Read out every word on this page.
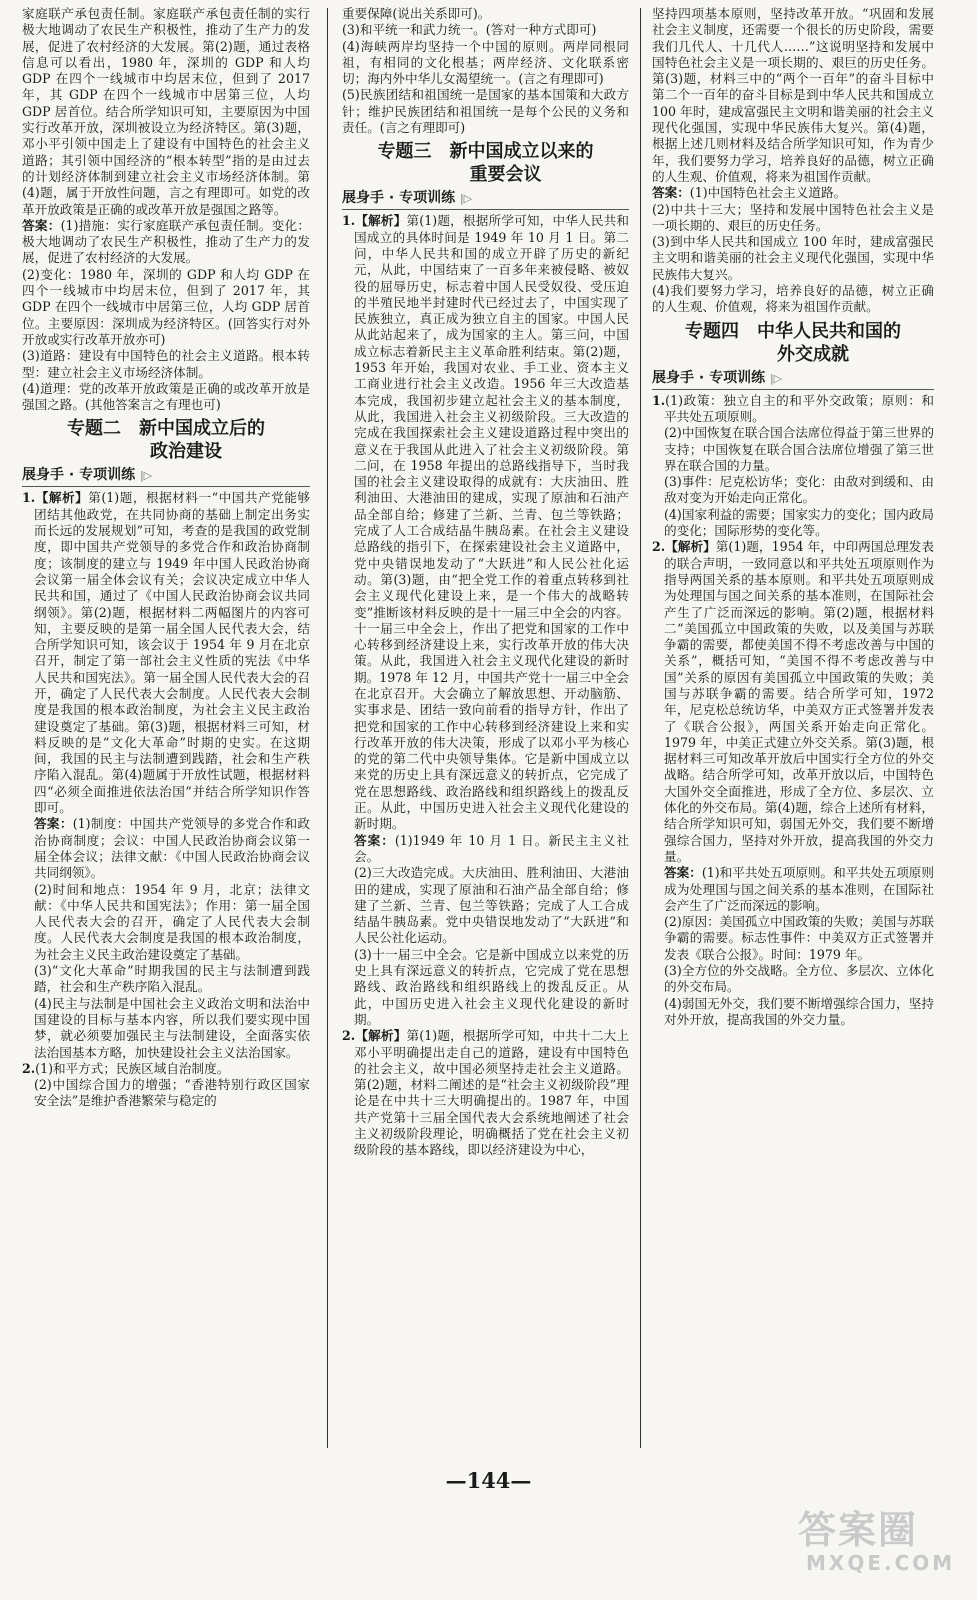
家庭联产承包责任制。家庭联产承包责任制的实行极大地调动了农民生产积极性，推动了生产力的发展，促进了农村经济的大发展。第(2)题，通过表格信息可以看出，1980 年，深圳的 GDP 和人均 GDP 在四个一线城市中均居末位，但到了 2017 年，其 GDP 在四个一线城市中居第三位，人均 GDP 居首位。结合所学知识可知，主要原因为中国实行改革开放，深圳被设立为经济特区。第(3)题，邓小平引领中国走上了建设有中国特色的社会主义道路；其引领中国经济的“根本转型”指的是由过去的计划经济体制到建立社会主义市场经济体制。第(4)题，属于开放性问题，言之有理即可。如党的改革开放政策是正确的或改革开放是强国之路等。

答案：(1)措施：实行家庭联产承包责任制。变化：极大地调动了农民生产积极性，推动了生产力的发展，促进了农村经济的大发展。

(2)变化：1980 年，深圳的 GDP 和人均 GDP 在四个一线城市中均居末位，但到了 2017 年，其 GDP 在四个一线城市中居第三位，人均 GDP 居首位。主要原因：深圳成为经济特区。(回答实行对外开放或实行改革开放亦可)

(3)道路：建设有中国特色的社会主义道路。根本转型：建立社会主义市场经济体制。

(4)道理：党的改革开放政策是正确的或改革开放是强国之路。(其他答案言之有理也可)

专题二　新中国成立后的
政治建设
展身手 · 专项训练 |▷

1.【解析】第(1)题，根据材料一“中国共产党能够团结其他政党，在共同协商的基础上制定出务实而长远的发展规划”可知，考查的是我国的政党制度，即中国共产党领导的多党合作和政治协商制度；该制度的建立与 1949 年中国人民政治协商会议第一届全体会议有关；会议决定成立中华人民共和国，通过了《中国人民政治协商会议共同纲领》。第(2)题，根据材料二两幅图片的内容可知，主要反映的是第一届全国人民代表大会，结合所学知识可知，该会议于 1954 年 9 月在北京召开，制定了第一部社会主义性质的宪法《中华人民共和国宪法》。第一届全国人民代表大会的召开，确定了人民代表大会制度。人民代表大会制度是我国的根本政治制度，为社会主义民主政治建设奠定了基础。第(3)题，根据材料三可知，材料反映的是“文化大革命”时期的史实。在这期间，我国的民主与法制遭到践踏，社会和生产秩序陷入混乱。第(4)题属于开放性试题，根据材料四“必须全面推进依法治国”并结合所学知识作答即可。

答案：(1)制度：中国共产党领导的多党合作和政治协商制度；会议：中国人民政治协商会议第一届全体会议；法律文献：《中国人民政治协商会议共同纲领》。

(2)时间和地点：1954 年 9 月，北京；法律文献：《中华人民共和国宪法》；作用：第一届全国人民代表大会的召开，确定了人民代表大会制度。人民代表大会制度是我国的根本政治制度，为社会主义民主政治建设奠定了基础。

(3)“文化大革命”时期我国的民主与法制遭到践踏，社会和生产秩序陷入混乱。

(4)民主与法制是中国社会主义政治文明和法治中国建设的目标与基本内容，所以我们要实现中国梦，就必须要加强民主与法制建设，全面落实依法治国基本方略，加快建设社会主义法治国家。

2.(1)和平方式；民族区域自治制度。

(2)中国综合国力的增强；“香港特别行政区国家安全法”是维护香港繁荣与稳定的

重要保障(说出关系即可)。

(3)和平统一和武力统一。(答对一种方式即可)

(4)海峡两岸均坚持一个中国的原则。两岸同根同祖，有相同的文化根基；两岸经济、文化联系密切；海内外中华儿女渴望统一。(言之有理即可)

(5)民族团结和祖国统一是国家的基本国策和大政方针；维护民族团结和祖国统一是每个公民的义务和责任。(言之有理即可)

专题三　新中国成立以来的
重要会议
展身手 · 专项训练 |▷

1.【解析】第(1)题，根据所学可知，中华人民共和国成立的具体时间是 1949 年 10 月 1 日。第二问，中华人民共和国的成立开辟了历史的新纪元，从此，中国结束了一百多年来被侵略、被奴役的屈辱历史，标志着中国人民受奴役、受压迫的半殖民地半封建时代已经过去了，中国实现了民族独立，真正成为独立自主的国家。中国人民从此站起来了，成为国家的主人。第三问，中国成立标志着新民主主义革命胜利结束。第(2)题，1953 年开始，我国对农业、手工业、资本主义工商业进行社会主义改造。1956 年三大改造基本完成，我国初步建立起社会主义的基本制度，从此，我国进入社会主义初级阶段。三大改造的完成在我国探索社会主义建设道路过程中突出的意义在于我国从此进入了社会主义初级阶段。第二问，在 1958 年提出的总路线指导下，当时我国的社会主义建设取得的成就有：大庆油田、胜利油田、大港油田的建成，实现了原油和石油产品全部自给；修建了兰新、兰青、包兰等铁路；完成了人工合成结晶牛胰岛素。在社会主义建设总路线的指引下，在探索建设社会主义道路中，党中央错误地发动了“大跃进”和人民公社化运动。第(3)题，由“把全党工作的着重点转移到社会主义现代化建设上来，是一个伟大的战略转变”推断该材料反映的是十一届三中全会的内容。十一届三中全会上，作出了把党和国家的工作中心转移到经济建设上来，实行改革开放的伟大决策。从此，我国进入社会主义现代化建设的新时期。1978 年 12 月，中国共产党十一届三中全会在北京召开。大会确立了解放思想、开动脑筋、实事求是、团结一致向前看的指导方针，作出了把党和国家的工作中心转移到经济建设上来和实行改革开放的伟大决策，形成了以邓小平为核心的党的第二代中央领导集体。它是新中国成立以来党的历史上具有深远意义的转折点，它完成了党在思想路线、政治路线和组织路线上的拨乱反正。从此，中国历史进入社会主义现代化建设的新时期。

答案：(1)1949 年 10 月 1 日。新民主主义社会。

(2)三大改造完成。大庆油田、胜利油田、大港油田的建成，实现了原油和石油产品全部自给；修建了兰新、兰青、包兰等铁路；完成了人工合成结晶牛胰岛素。党中央错误地发动了“大跃进”和人民公社化运动。

(3)十一届三中全会。它是新中国成立以来党的历史上具有深远意义的转折点，它完成了党在思想路线、政治路线和组织路线上的拨乱反正。从此，中国历史进入社会主义现代化建设的新时期。

2.【解析】第(1)题，根据所学可知，中共十二大上邓小平明确提出走自己的道路，建设有中国特色的社会主义，故中国必须坚持走社会主义道路。第(2)题，材料二阐述的是“社会主义初级阶段”理论是在中共十三大明确提出的。1987 年，中国共产党第十三届全国代表大会系统地阐述了社会主义初级阶段理论，明确概括了党在社会主义初级阶段的基本路线，即以经济建设为中心，

坚持四项基本原则，坚持改革开放。“巩固和发展社会主义制度，还需要一个很长的历史阶段，需要我们几代人、十几代人……”这说明坚持和发展中国特色社会主义是一项长期的、艰巨的历史任务。第(3)题，材料三中的“两个一百年”的奋斗目标中第二个一百年的奋斗目标是到中华人民共和国成立 100 年时，建成富强民主文明和谐美丽的社会主义现代化强国，实现中华民族伟大复兴。第(4)题，根据上述几则材料及结合所学知识可知，作为青少年，我们要努力学习，培养良好的品德，树立正确的人生观、价值观，将来为祖国作贡献。

答案：(1)中国特色社会主义道路。

(2)中共十三大；坚持和发展中国特色社会主义是一项长期的、艰巨的历史任务。

(3)到中华人民共和国成立 100 年时，建成富强民主文明和谐美丽的社会主义现代化强国，实现中华民族伟大复兴。

(4)我们要努力学习，培养良好的品德，树立正确的人生观、价值观，将来为祖国作贡献。

专题四　中华人民共和国的
外交成就
展身手 · 专项训练 |▷

1.(1)政策：独立自主的和平外交政策；原则：和平共处五项原则。

(2)中国恢复在联合国合法席位得益于第三世界的支持；中国恢复在联合国合法席位增强了第三世界在联合国的力量。

(3)事件：尼克松访华；变化：由敌对到缓和、由敌对变为开始走向正常化。

(4)国家利益的需要；国家实力的变化；国内政局的变化；国际形势的变化等。

2.【解析】第(1)题，1954 年，中印两国总理发表的联合声明，一致同意以和平共处五项原则作为指导两国关系的基本原则。和平共处五项原则成为处理国与国之间关系的基本准则，在国际社会产生了广泛而深远的影响。第(2)题，根据材料二“美国孤立中国政策的失败，以及美国与苏联争霸的需要，都使美国不得不考虑改善与中国的关系”，概括可知，“美国不得不考虑改善与中国”关系的原因有美国孤立中国政策的失败；美国与苏联争霸的需要。结合所学可知，1972 年，尼克松总统访华，中美双方正式签署并发表了《联合公报》，两国关系开始走向正常化。1979 年，中美正式建立外交关系。第(3)题，根据材料三可知改革开放后中国实行全方位的外交战略。结合所学可知，改革开放以后，中国特色大国外交全面推进，形成了全方位、多层次、立体化的外交布局。第(4)题，综合上述所有材料，结合所学知识可知，弱国无外交，我们要不断增强综合国力，坚持对外开放，提高我国的外交力量。

答案：(1)和平共处五项原则。和平共处五项原则成为处理国与国之间关系的基本准则，在国际社会产生了广泛而深远的影响。

(2)原因：美国孤立中国政策的失败；美国与苏联争霸的需要。标志性事件：中美双方正式签署并发表《联合公报》。时间：1979 年。

(3)全方位的外交战略。全方位、多层次、立体化的外交布局。

(4)弱国无外交，我们要不断增强综合国力，坚持对外开放，提高我国的外交力量。

—144—
答案圈
MXQE.COM
